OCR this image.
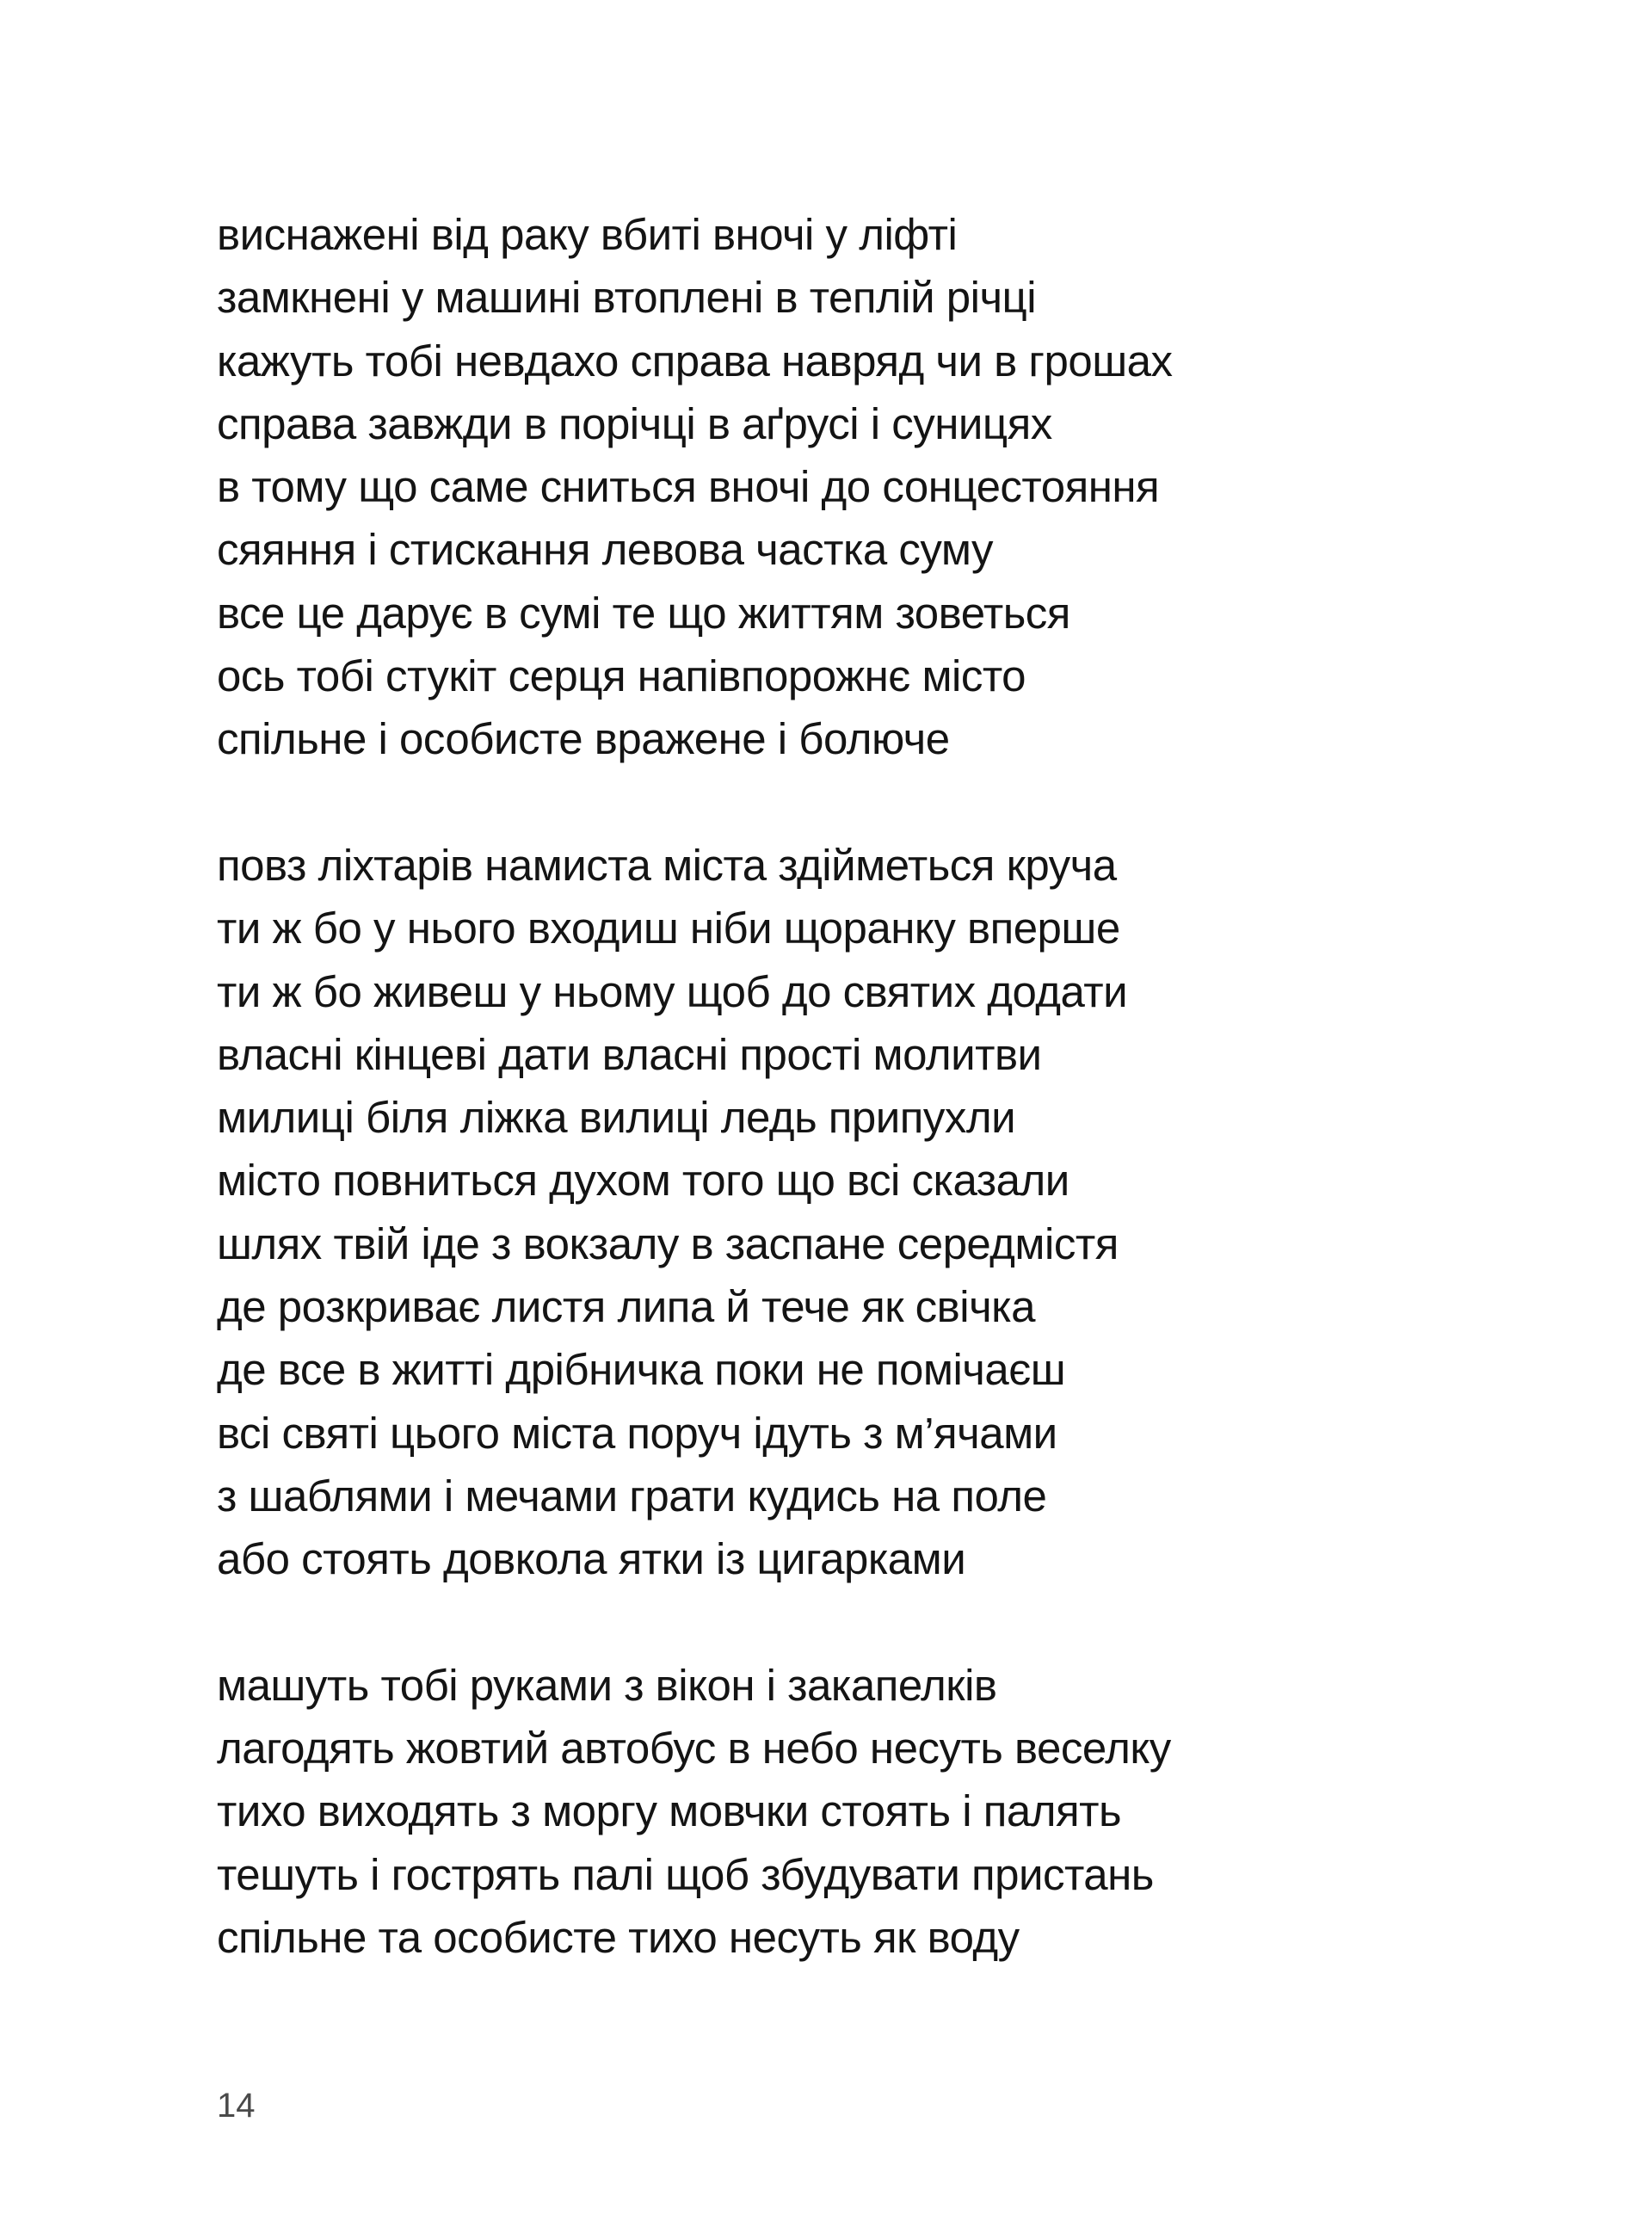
виснажені від раку вбиті вночі у ліфті
замкнені у машині втоплені в теплій річці
кажуть тобі невдахо справа навряд чи в грошах
справа завжди в порічці в аґрусі і суницях
в тому що саме сниться вночі до сонцестояння
сяяння і стискання левова частка суму
все це дарує в сумі те що життям зоветься
ось тобі стукіт серця напівпорожнє місто
спільне і особисте вражене і болюче
повз ліхтарів намиста міста здійметься круча
ти ж бо у нього входиш ніби щоранку вперше
ти ж бо живеш у ньому щоб до святих додати
власні кінцеві дати власні прості молитви
милиці біля ліжка вилиці ледь припухли
місто повниться духом того що всі сказали
шлях твій іде з вокзалу в заспане середмістя
де розкриває листя липа й тече як свічка
де все в житті дрібничка поки не помічаєш
всі святі цього міста поруч ідуть з м’ячами
з шаблями і мечами грати кудись на поле
або стоять довкола ятки із цигарками
машуть тобі руками з вікон і закапелків
лагодять жовтий автобус в небо несуть веселку
тихо виходять з моргу мовчки стоять і палять
тешуть і гострять палі щоб збудувати пристань
спільне та особисте тихо несуть як воду
14
